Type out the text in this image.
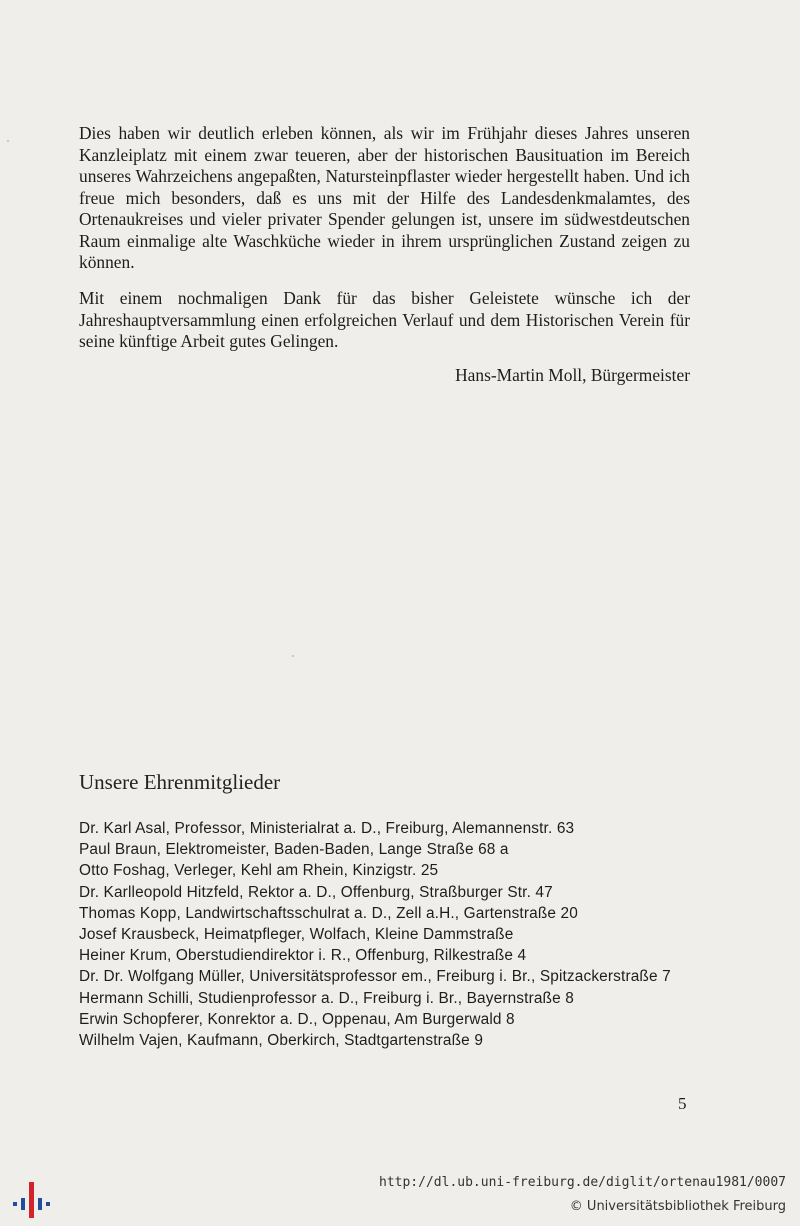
Dies haben wir deutlich erleben können, als wir im Frühjahr dieses Jahres unseren Kanzleiplatz mit einem zwar teueren, aber der historischen Bausituation im Bereich unseres Wahrzeichens angepaßten, Natursteinpflaster wieder hergestellt haben. Und ich freue mich besonders, daß es uns mit der Hilfe des Landesdenkmalamtes, des Ortenaukreises und vieler privater Spender gelungen ist, unsere im südwestdeutschen Raum einmalige alte Waschküche wieder in ihrem ursprünglichen Zustand zeigen zu können.

Mit einem nochmaligen Dank für das bisher Geleistete wünsche ich der Jahreshauptversammlung einen erfolgreichen Verlauf und dem Historischen Verein für seine künftige Arbeit gutes Gelingen.

Hans-Martin Moll, Bürgermeister
Unsere Ehrenmitglieder
Dr. Karl Asal, Professor, Ministerialrat a. D., Freiburg, Alemannenstr. 63
Paul Braun, Elektromeister, Baden-Baden, Lange Straße 68 a
Otto Foshag, Verleger, Kehl am Rhein, Kinzigstr. 25
Dr. Karlleopold Hitzfeld, Rektor a. D., Offenburg, Straßburger Str. 47
Thomas Kopp, Landwirtschaftsschulrat a. D., Zell a.H., Gartenstraße 20
Josef Krausbeck, Heimatpfleger, Wolfach, Kleine Dammstraße
Heiner Krum, Oberstudiendirektor i. R., Offenburg, Rilkestraße 4
Dr. Dr. Wolfgang Müller, Universitätsprofessor em., Freiburg i. Br., Spitzackerstraße 7
Hermann Schilli, Studienprofessor a. D., Freiburg i. Br., Bayernstraße 8
Erwin Schopferer, Konrektor a. D., Oppenau, Am Burgerwald 8
Wilhelm Vajen, Kaufmann, Oberkirch, Stadtgartenstraße 9
5
http://dl.ub.uni-freiburg.de/diglit/ortenau1981/0007
© Universitätsbibliothek Freiburg
